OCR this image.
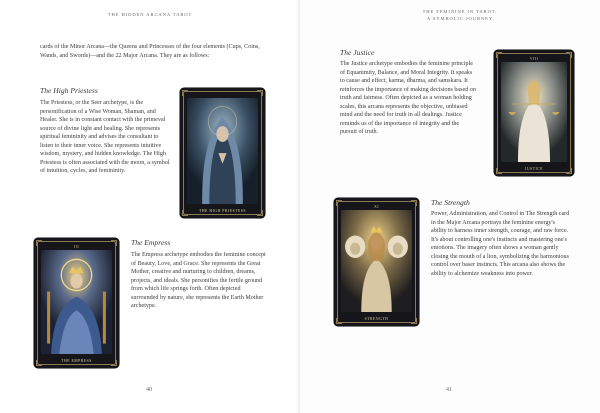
THE HIDDEN ARCANA TAROT
cards of the Minor Arcana—the Queens and Princesses of the four elements (Cups, Coins, Wands, and Swords)—and the 22 Major Arcana. They are as follows:
The High Priestess
The Priestess, or the Seer archetype, is the personification of a Wise Woman, Shaman, and Healer. She is in constant contact with the primeval source of divine light and healing. She represents spiritual femininity and advises the consultant to listen to their inner voice. She represents intuitive wisdom, mystery, and hidden knowledge. The High Priestess is often associated with the moon, a symbol of intuition, cycles, and femininity.
THE HIGH PRIESTESS
III
THE EMPRESS
The Empress
The Empress archetype embodies the feminine concept of Beauty, Love, and Grace. She represents the Great Mother, creative and nurturing to children, dreams, projects, and ideals. She personifies the fertile ground from which life springs forth. Often depicted surrounded by nature, she represents the Earth Mother archetype.
40
THE FEMININE IN TAROT:
A SYMBOLIC JOURNEY
The Justice
The Justice archetype embodies the feminine principle of Equanimity, Balance, and Moral Integrity. It speaks to cause and effect, karma, dharma, and samskara. It reinforces the importance of making decisions based on truth and fairness. Often depicted as a woman holding scales, this arcana represents the objective, unbiased mind and the need for truth in all dealings. Justice reminds us of the importance of integrity and the pursuit of truth.
VIII
JUSTICE
XI
STRENGTH
The Strength
Power, Administration, and Control in The Strength card in the Major Arcana portrays the feminine energy's ability to harness inner strength, courage, and raw force. It's about controlling one's instincts and mastering one's emotions. The imagery often shows a woman gently closing the mouth of a lion, symbolizing the harmonious control over baser instincts. This arcana also shows the ability to alchemize weakness into power.
41
